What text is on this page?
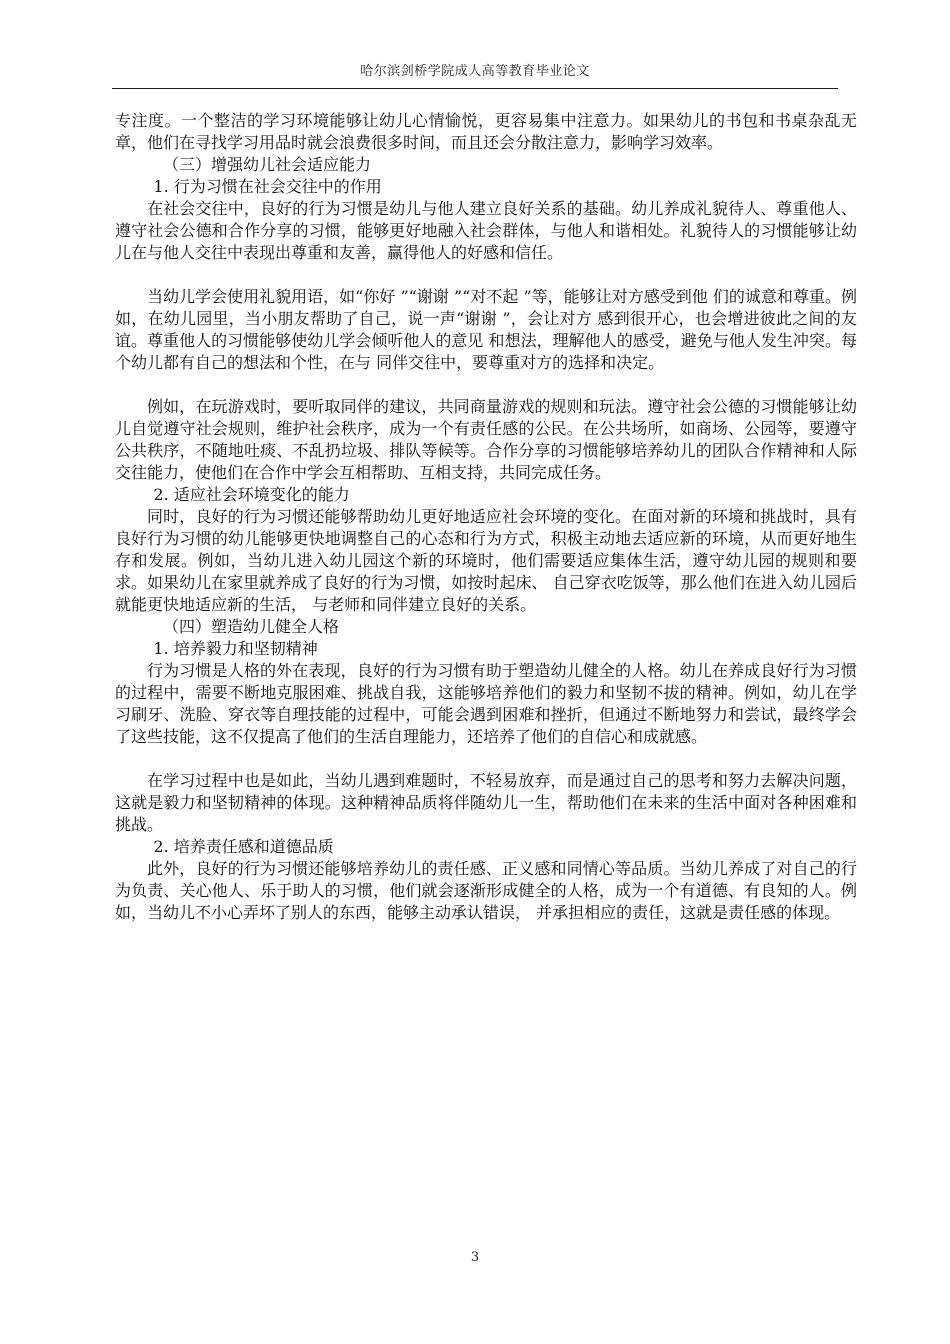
哈尔滨剑桥学院成人高等教育毕业论文

专注度。一个整洁的学习环境能够让幼儿心情愉悦，更容易集中注意力。如果幼儿的书包和书桌杂乱无章，他们在寻找学习用品时就会浪费很多时间，而且还会分散注意力，影响学习效率。

（三）增强幼儿社会适应能力

1. 行为习惯在社会交往中的作用

在社会交往中，良好的行为习惯是幼儿与他人建立良好关系的基础。幼儿养成礼貌待人、尊重他人、遵守社会公德和合作分享的习惯，能够更好地融入社会群体，与他人和谐相处。礼貌待人的习惯能够让幼儿在与他人交往中表现出尊重和友善，赢得他人的好感和信任。

当幼儿学会使用礼貌用语，如“你好 ”“谢谢 ”“对不起 ”等，能够让对方感受到他 们的诚意和尊重。例如，在幼儿园里，当小朋友帮助了自己，说一声“谢谢 ”，会让对方 感到很开心，也会增进彼此之间的友谊。尊重他人的习惯能够使幼儿学会倾听他人的意见 和想法，理解他人的感受，避免与他人发生冲突。每个幼儿都有自己的想法和个性，在与 同伴交往中，要尊重对方的选择和决定。

例如，在玩游戏时，要听取同伴的建议，共同商量游戏的规则和玩法。遵守社会公德的习惯能够让幼儿自觉遵守社会规则，维护社会秩序，成为一个有责任感的公民。在公共场所，如商场、公园等，要遵守公共秩序，不随地吐痰、不乱扔垃圾、排队等候等。合作分享的习惯能够培养幼儿的团队合作精神和人际交往能力，使他们在合作中学会互相帮助、互相支持，共同完成任务。

2. 适应社会环境变化的能力

同时，良好的行为习惯还能够帮助幼儿更好地适应社会环境的变化。在面对新的环境和挑战时，具有良好行为习惯的幼儿能够更快地调整自己的心态和行为方式，积极主动地去适应新的环境，从而更好地生存和发展。例如，当幼儿进入幼儿园这个新的环境时，他们需要适应集体生活，遵守幼儿园的规则和要求。如果幼儿在家里就养成了良好的行为习惯，如按时起床、 自己穿衣吃饭等，那么他们在进入幼儿园后就能更快地适应新的生活， 与老师和同伴建立良好的关系。

（四）塑造幼儿健全人格

1. 培养毅力和坚韧精神

行为习惯是人格的外在表现，良好的行为习惯有助于塑造幼儿健全的人格。幼儿在养成良好行为习惯的过程中，需要不断地克服困难、挑战自我，这能够培养他们的毅力和坚韧不拔的精神。例如，幼儿在学习刷牙、洗脸、穿衣等自理技能的过程中，可能会遇到困难和挫折，但通过不断地努力和尝试，最终学会了这些技能，这不仅提高了他们的生活自理能力，还培养了他们的自信心和成就感。

在学习过程中也是如此，当幼儿遇到难题时，不轻易放弃，而是通过自己的思考和努力去解决问题，这就是毅力和坚韧精神的体现。这种精神品质将伴随幼儿一生，帮助他们在未来的生活中面对各种困难和挑战。

2. 培养责任感和道德品质

此外，良好的行为习惯还能够培养幼儿的责任感、正义感和同情心等品质。当幼儿养成了对自己的行为负责、关心他人、乐于助人的习惯，他们就会逐渐形成健全的人格，成为一个有道德、有良知的人。例如，当幼儿不小心弄坏了别人的东西，能够主动承认错误， 并承担相应的责任，这就是责任感的体现。

3
